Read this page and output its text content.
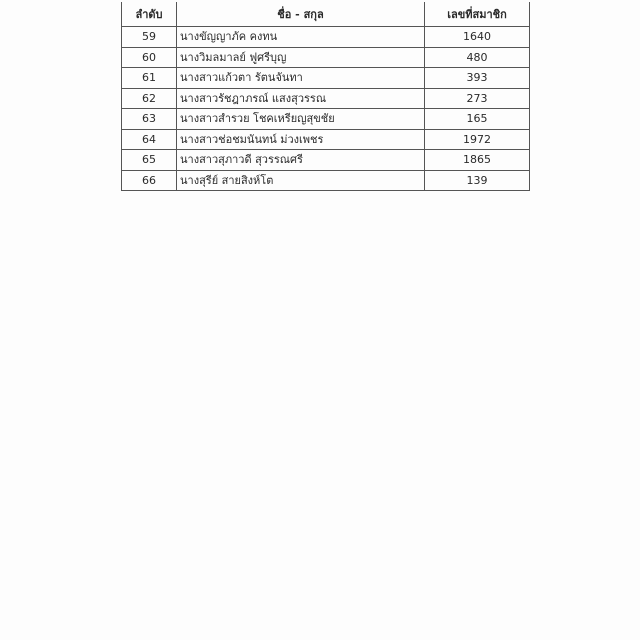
ลำดับ	ชื่อ - สกุล	เลขที่สมาชิก
59	นางขัญญาภัค คงทน	1640
60	นางวิมลมาลย์ ฟูศรีบุญ	480
61	นางสาวแก้วตา รัตนจันทา	393
62	นางสาวรัชฎาภรณ์ แสงสุวรรณ	273
63	นางสาวสำรวย โชคเหรียญสุขชัย	165
64	นางสาวช่อชมนันทน์ ม่วงเพชร	1972
65	นางสาวสุภาวดี สุวรรณศรี	1865
66	นางสุรีย์ สายสิงห์โต	139
